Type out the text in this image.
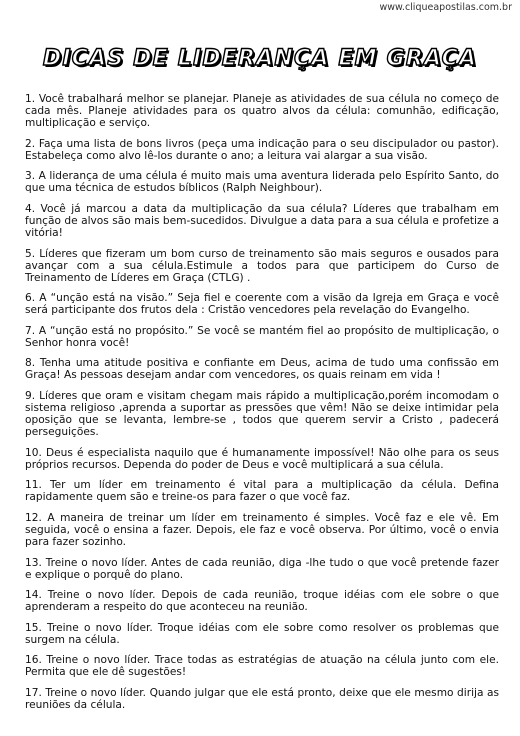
www.cliqueapostilas.com.br
DICAS DE LIDERANÇA EM GRAÇA
1. Você trabalhará melhor se planejar. Planeje as atividades de sua célula no começo de cada mês. Planeje atividades para os quatro alvos da célula: comunhão, edificação, multiplicação e serviço.
2. Faça uma lista de bons livros (peça uma indicação para o seu discipulador ou pastor). Estabeleça como alvo lê-los durante o ano; a leitura vai alargar a sua visão.
3. A liderança de uma célula é muito mais uma aventura liderada pelo Espírito Santo, do que uma técnica de estudos bíblicos (Ralph Neighbour).
4. Você já marcou a data da multiplicação da sua célula? Líderes que trabalham em função de alvos são mais bem-sucedidos. Divulgue a data para a sua célula e profetize a vitória!
5. Líderes que fizeram um bom curso de treinamento são mais seguros e ousados para avançar com a sua célula.Estimule a todos para que participem do Curso de Treinamento de Líderes em Graça (CTLG) .
6. A “unção está na visão.” Seja fiel e coerente com a visão da Igreja em Graça e você será participante dos frutos dela : Cristão vencedores pela revelação do Evangelho.
7. A “unção está no propósito.” Se você se mantém fiel ao propósito de multiplicação, o Senhor honra você!
8. Tenha uma atitude positiva e confiante em Deus, acima de tudo uma confissão em Graça! As pessoas desejam andar com vencedores, os quais reinam em vida !
9. Líderes que oram e visitam chegam mais rápido a multiplicação,porém incomodam o sistema religioso ,aprenda a suportar as pressões que vêm! Não se deixe intimidar pela oposição que se levanta, lembre-se , todos que querem servir a Cristo , padecerá perseguições.
10. Deus é especialista naquilo que é humanamente impossível! Não olhe para os seus próprios recursos. Dependa do poder de Deus e você multiplicará a sua célula.
11. Ter um líder em treinamento é vital para a multiplicação da célula. Defina rapidamente quem são e treine-os para fazer o que você faz.
12. A maneira de treinar um líder em treinamento é simples. Você faz e ele vê. Em seguida, você o ensina a fazer. Depois, ele faz e você observa. Por último, você o envia para fazer sozinho.
13. Treine o novo líder. Antes de cada reunião, diga -lhe tudo o que você pretende fazer e explique o porquê do plano.
14. Treine o novo líder. Depois de cada reunião, troque idéias com ele sobre o que aprenderam a respeito do que aconteceu na reunião.
15. Treine o novo líder. Troque idéias com ele sobre como resolver os problemas que surgem na célula.
16. Treine o novo líder. Trace todas as estratégias de atuação na célula junto com ele. Permita que ele dê sugestões!
17. Treine o novo líder. Quando julgar que ele está pronto, deixe que ele mesmo dirija as reuniões da célula.
